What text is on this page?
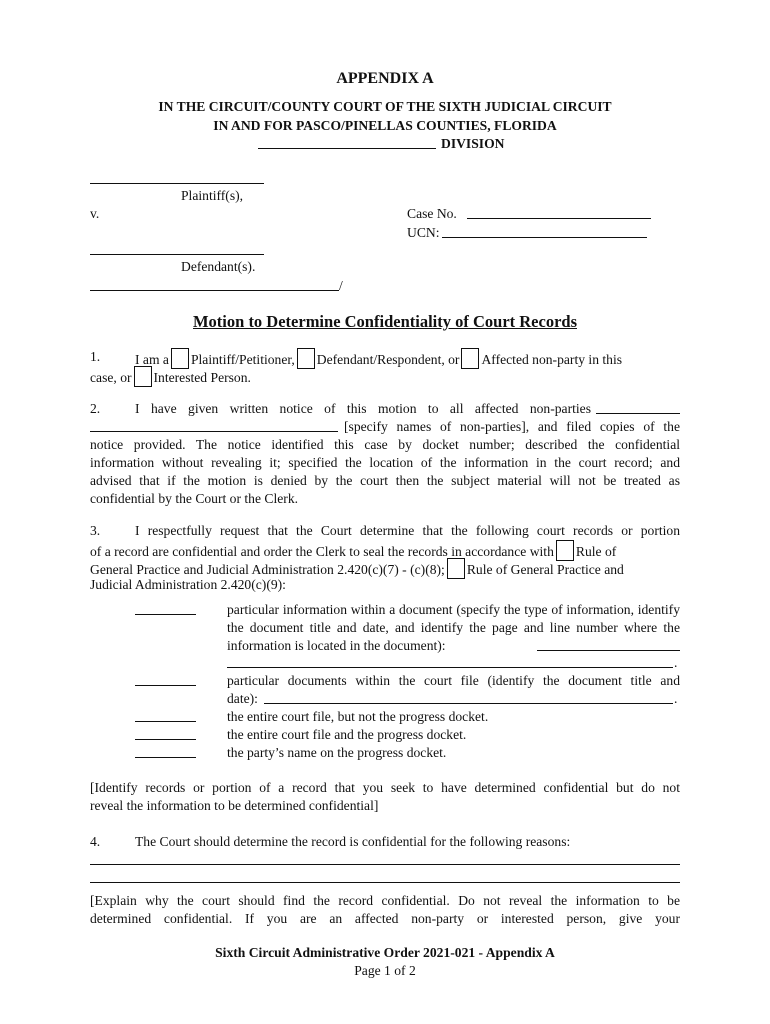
APPENDIX A
IN THE CIRCUIT/COUNTY COURT OF THE SIXTH JUDICIAL CIRCUIT
IN AND FOR PASCO/PINELLAS COUNTIES, FLORIDA
DIVISION
Plaintiff(s),
v.	Case No.
UCN:
Defendant(s).
/
Motion to Determine Confidentiality of Court Records
1.	I am a Plaintiff/Petitioner, Defendant/Respondent, or Affected non-party in this
case, or Interested Person.
2.	I have given written notice of this motion to all affected non-parties
[specify names of non-parties], and filed copies of the
notice provided. The notice identified this case by docket number; described the confidential
information without revealing it; specified the location of the information in the court record; and
advised that if the motion is denied by the court then the subject material will not be treated as
confidential by the Court or the Clerk.
3.	I respectfully request that the Court determine that the following court records or portion
of a record are confidential and order the Clerk to seal the records in accordance with Rule of
General Practice and Judicial Administration 2.420(c)(7) - (c)(8); Rule of General Practice and
Judicial Administration 2.420(c)(9):
particular information within a document (specify the type of information, identify the document title and date, and identify the page and line number where the information is located in the document):
.
particular documents within the court file (identify the document title and
date):	.
the entire court file, but not the progress docket.
the entire court file and the progress docket.
the party’s name on the progress docket.
[Identify records or portion of a record that you seek to have determined confidential but do not
reveal the information to be determined confidential]
4.	The Court should determine the record is confidential for the following reasons:
[Explain why the court should find the record confidential. Do not reveal the information to be
determined confidential. If you are an affected non-party or interested person, give your
Sixth Circuit Administrative Order 2021-021 - Appendix A
Page 1 of 2
